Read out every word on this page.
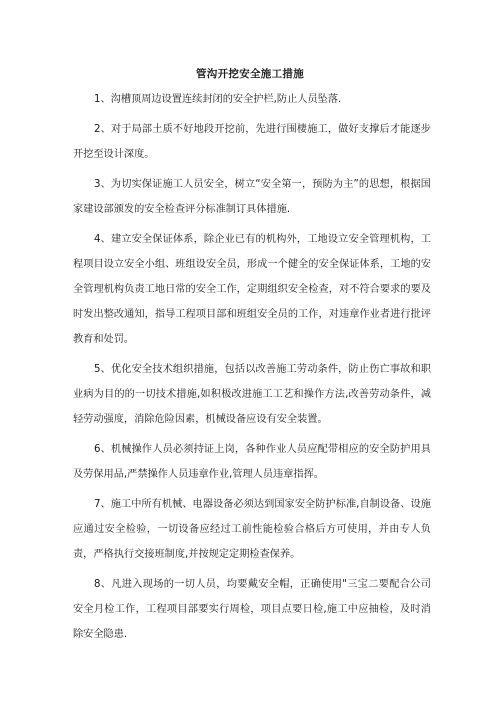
管沟开挖安全施工措施

1、沟槽顶周边设置连续封闭的安全护栏,防止人员坠落.

2、对于局部土质不好地段开挖前，先进行围棲施工，做好支撑后才能逐步开挖至设计深度。

3、为切实保证施工人员安全，树立“安全第一，预防为主”的思想，根据国家建设部颁发的安全检查评分标准制订具体措施.

4、建立安全保证体系，除企业已有的机构外，工地设立安全管理机构，工程项目设立安全小组、班组设安全员，形成一个健全的安全保证体系，工地的安全管理机构负责工地日常的安全工作，定期组织安全检查，对不符合要求的要及时发出整改通知，指导工程项目部和班组安全员的工作，对违章作业者进行批评教育和处罚。

5、优化安全技术组织措施，包括以改善施工劳动条件，防止伤亡事故和职业病为目的的一切技术措施,如积极改进施工工艺和操作方法,改善劳动条件，减轻劳动强度，消除危险因素，机械设备应设有安全装置。

6、机械操作人员必须持证上岗，各种作业人员应配带相应的安全防护用具及劳保用品,严禁操作人员违章作业,管理人员违章指挥。

7、施工中所有机械、电器设备必须达到国家安全防护标准,自制设备、设施应通过安全检验，一切设备应经过工前性能检验合格后方可使用，并由专人负责，严格执行交接班制度,并按规定定期检查保养。

8、凡进入现场的一切人员，均要戴安全帽，正确使用"三宝二要配合公司安全月检工作，工程项目部要实行周检，项目点要日检,施工中应抽检，及时消除安全隐患.
